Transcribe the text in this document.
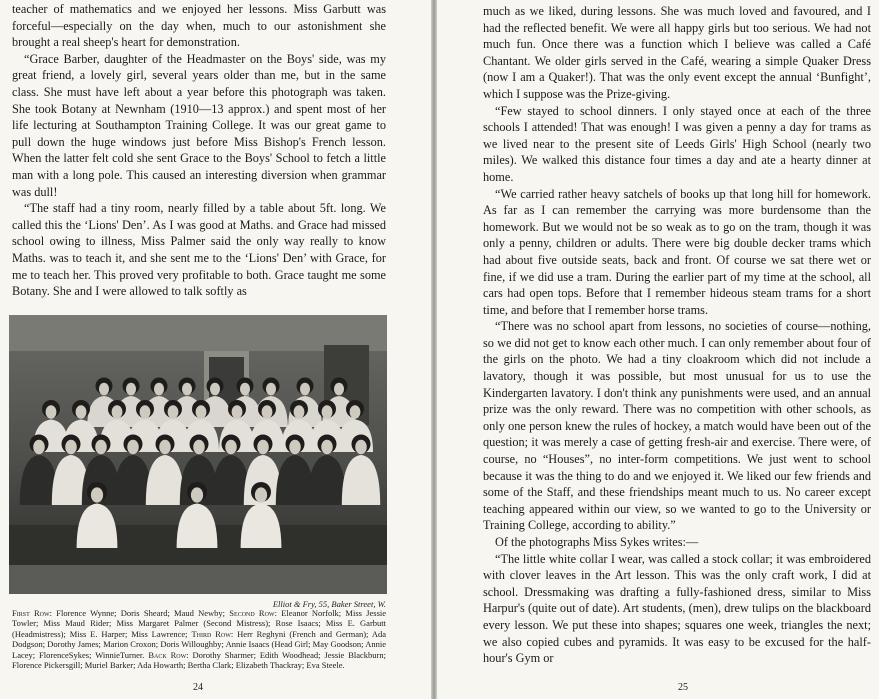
teacher of mathematics and we enjoyed her lessons. Miss Garbutt was forceful—especially on the day when, much to our astonishment she brought a real sheep's heart for demonstration.

“Grace Barber, daughter of the Headmaster on the Boys' side, was my great friend, a lovely girl, several years older than me, but in the same class. She must have left about a year before this photograph was taken. She took Botany at Newnham (1910—13 approx.) and spent most of her life lecturing at Southampton Training College. It was our great game to pull down the huge windows just before Miss Bishop's French lesson. When the latter felt cold she sent Grace to the Boys' School to fetch a little man with a long pole. This caused an interesting diversion when grammar was dull!

“The staff had a tiny room, nearly filled by a table about 5ft. long. We called this the ‘Lions' Den’. As I was good at Maths. and Grace had missed school owing to illness, Miss Palmer said the only way really to know Maths. was to teach it, and she sent me to the ‘Lions' Den’ with Grace, for me to teach her. This proved very profitable to both. Grace taught me some Botany. She and I were allowed to talk softly as

Elliot & Fry, 55, Baker Street, W.
First Row: Florence Wynne; Doris Sheard; Maud Newby; Second Row: Eleanor Norfolk; Miss Jessie Towler; Miss Maud Rider; Miss Margaret Palmer (Second Mistress); Rose Isaacs; Miss E. Garbutt (Headmistress); Miss E. Harper; Miss Lawrence; Third Row: Herr Reghyni (French and German); Ada Dodgson; Dorothy James; Marion Croxon; Doris Willoughby; Annie Isaacs (Head Girl; May Goodson; Annie Lacey; FlorenceSykes; WinnieTurner. Back Row: Dorothy Sharmer; Edith Woodhead; Jessie Blackburn; Florence Pickersgill; Muriel Barker; Ada Howarth; Bertha Clark; Elizabeth Thackray; Eva Steele.
24

much as we liked, during lessons. She was much loved and favoured, and I had the reflected benefit. We were all happy girls but too serious. We had not much fun. Once there was a function which I believe was called a Café Chantant. We older girls served in the Café, wearing a simple Quaker Dress (now I am a Quaker!). That was the only event except the annual ‘Bunfight’, which I suppose was the Prize-giving.

“Few stayed to school dinners. I only stayed once at each of the three schools I attended! That was enough! I was given a penny a day for trams as we lived near to the present site of Leeds Girls' High School (nearly two miles). We walked this distance four times a day and ate a hearty dinner at home.

“We carried rather heavy satchels of books up that long hill for homework. As far as I can remember the carrying was more burdensome than the homework. But we would not be so weak as to go on the tram, though it was only a penny, children or adults. There were big double decker trams which had about five outside seats, back and front. Of course we sat there wet or fine, if we did use a tram. During the earlier part of my time at the school, all cars had open tops. Before that I remember hideous steam trams for a short time, and before that I remember horse trams.

“There was no school apart from lessons, no societies of course—nothing, so we did not get to know each other much. I can only remember about four of the girls on the photo. We had a tiny cloakroom which did not include a lavatory, though it was possible, but most unusual for us to use the Kindergarten lavatory. I don't think any punishments were used, and an annual prize was the only reward. There was no competition with other schools, as only one person knew the rules of hockey, a match would have been out of the question; it was merely a case of getting fresh-air and exercise. There were, of course, no “Houses”, no inter-form competitions. We just went to school because it was the thing to do and we enjoyed it. We liked our few friends and some of the Staff, and these friendships meant much to us. No career except teaching appeared within our view, so we wanted to go to the University or Training College, according to ability.”

Of the photographs Miss Sykes writes:—

“The little white collar I wear, was called a stock collar; it was embroidered with clover leaves in the Art lesson. This was the only craft work, I did at school. Dressmaking was drafting a fully-fashioned dress, similar to Miss Harpur's (quite out of date). Art students, (men), drew tulips on the blackboard every lesson. We put these into shapes; squares one week, triangles the next; we also copied cubes and pyramids. It was easy to be excused for the half-hour's Gym or

25
